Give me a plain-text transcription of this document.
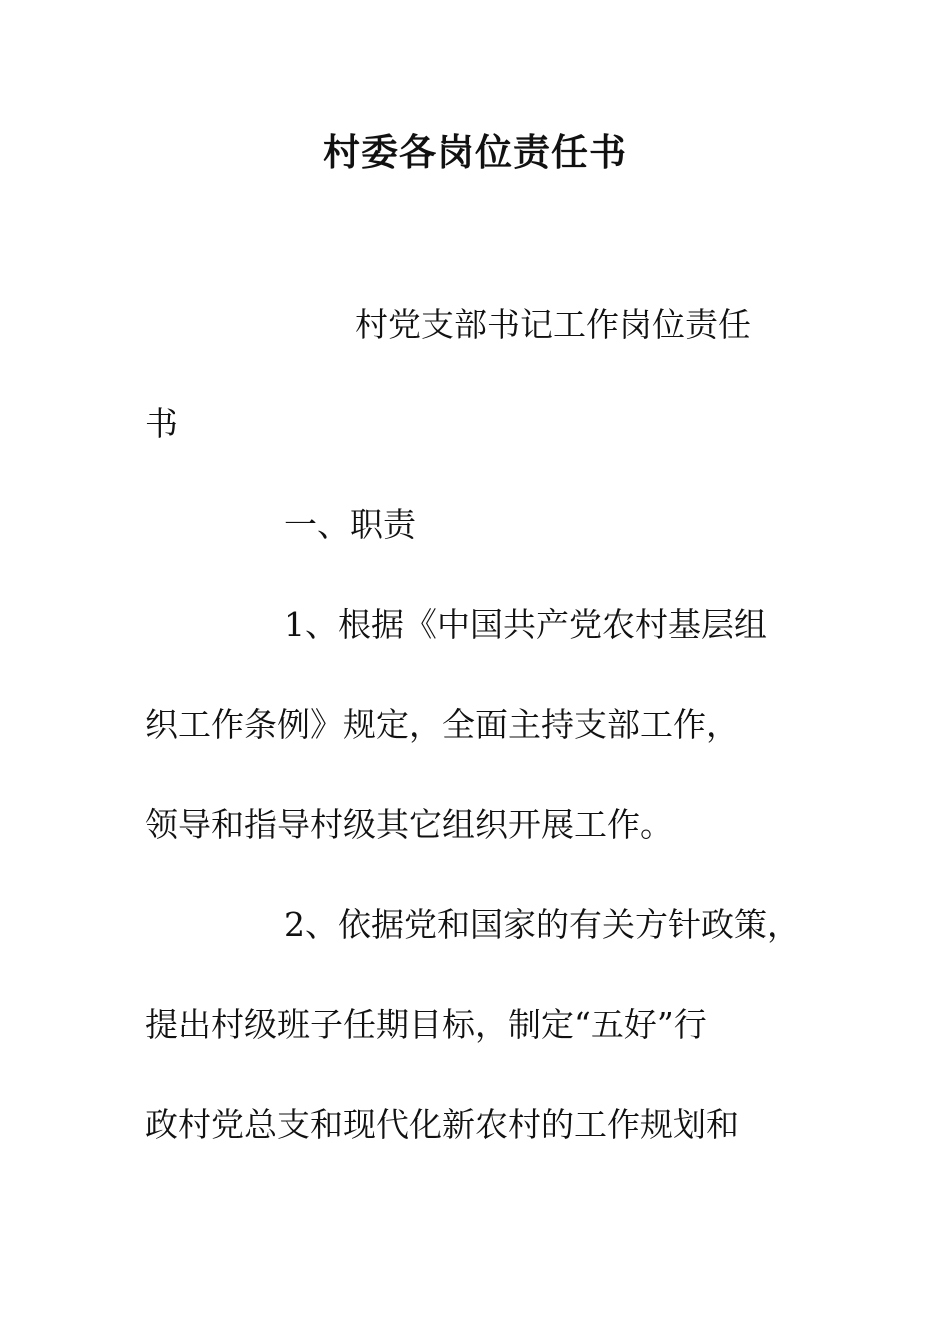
村委各岗位责任书
村党支部书记工作岗位责任
书
一、职责
1、根据《中国共产党农村基层组
织工作条例》规定，全面主持支部工作，
领导和指导村级其它组织开展工作。
2、依据党和国家的有关方针政策，
提出村级班子任期目标，制定“五好”行
政村党总支和现代化新农村的工作规划和
